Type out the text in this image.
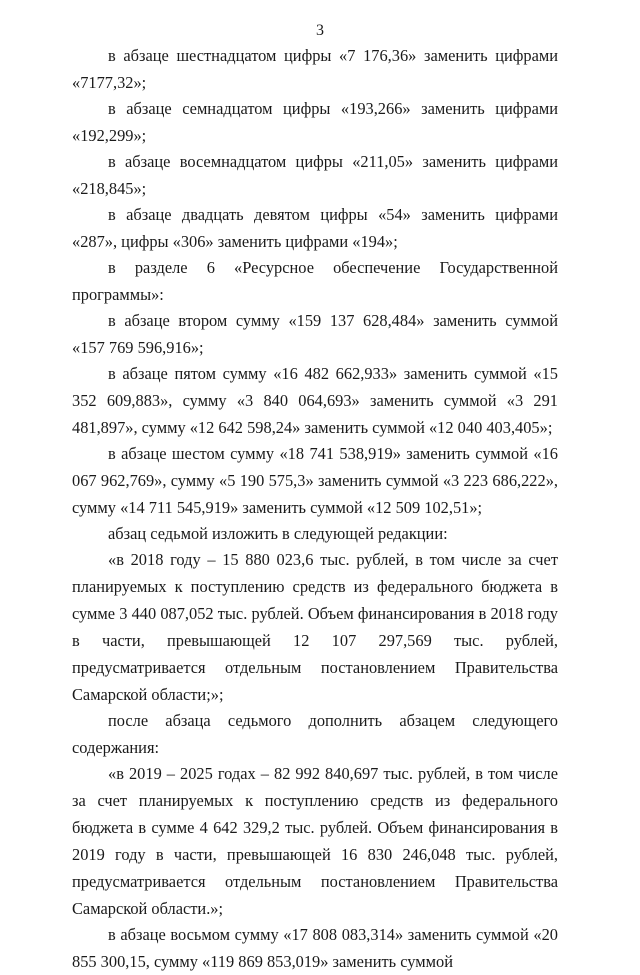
3

в абзаце шестнадцатом цифры «7 176,36» заменить цифрами «7177,32»;

в абзаце семнадцатом цифры «193,266» заменить цифрами «192,299»;

в абзаце восемнадцатом цифры «211,05» заменить цифрами «218,845»;

в абзаце двадцать девятом цифры «54» заменить цифрами «287», цифры «306» заменить цифрами «194»;

в разделе 6 «Ресурсное обеспечение Государственной программы»:

в абзаце втором сумму «159 137 628,484» заменить суммой «157 769 596,916»;

в абзаце пятом сумму «16 482 662,933» заменить суммой «15 352 609,883», сумму «3 840 064,693» заменить суммой «3 291 481,897», сумму «12 642 598,24» заменить суммой «12 040 403,405»;

в абзаце шестом сумму «18 741 538,919» заменить суммой «16 067 962,769», сумму «5 190 575,3» заменить суммой «3 223 686,222», сумму «14 711 545,919» заменить суммой «12 509 102,51»;

абзац седьмой изложить в следующей редакции:

«в 2018 году – 15 880 023,6 тыс. рублей, в том числе за счет планируемых к поступлению средств из федерального бюджета в сумме 3 440 087,052 тыс. рублей. Объем финансирования в 2018 году в части, превышающей 12 107 297,569 тыс. рублей, предусматривается отдельным постановлением Правительства Самарской области;»;

после абзаца седьмого дополнить абзацем следующего содержания:

«в 2019 – 2025 годах – 82 992 840,697 тыс. рублей, в том числе за счет планируемых к поступлению средств из федерального бюджета в сумме 4 642 329,2 тыс. рублей. Объем финансирования в 2019 году в части, превышающей 16 830 246,048 тыс. рублей, предусматривается отдельным постановлением Правительства Самарской области.»;

в абзаце восьмом сумму «17 808 083,314» заменить суммой «20 855 300,15, сумму «119 869 853,019» заменить суммой
